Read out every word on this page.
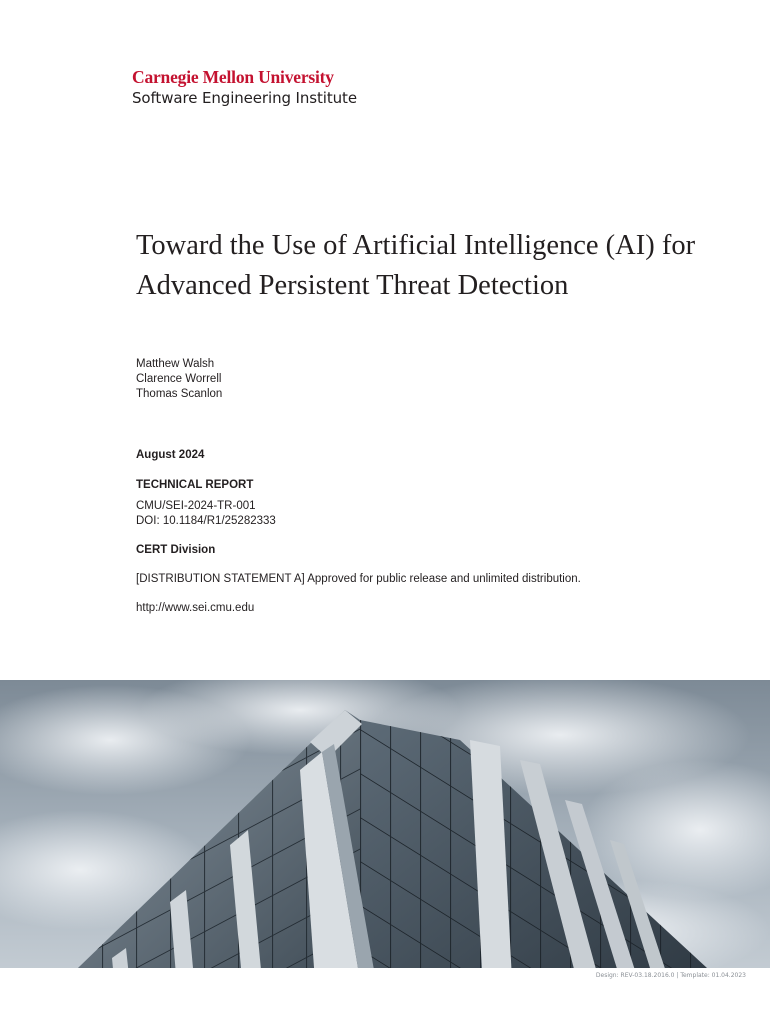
Carnegie Mellon University
Software Engineering Institute
Toward the Use of Artificial Intelligence (AI) for Advanced Persistent Threat Detection
Matthew Walsh
Clarence Worrell
Thomas Scanlon
August 2024
TECHNICAL REPORT
CMU/SEI-2024-TR-001
DOI: 10.1184/R1/25282333
CERT Division
[DISTRIBUTION STATEMENT A] Approved for public release and unlimited distribution.
http://www.sei.cmu.edu
Design: REV-03.18.2016.0 | Template: 01.04.2023
